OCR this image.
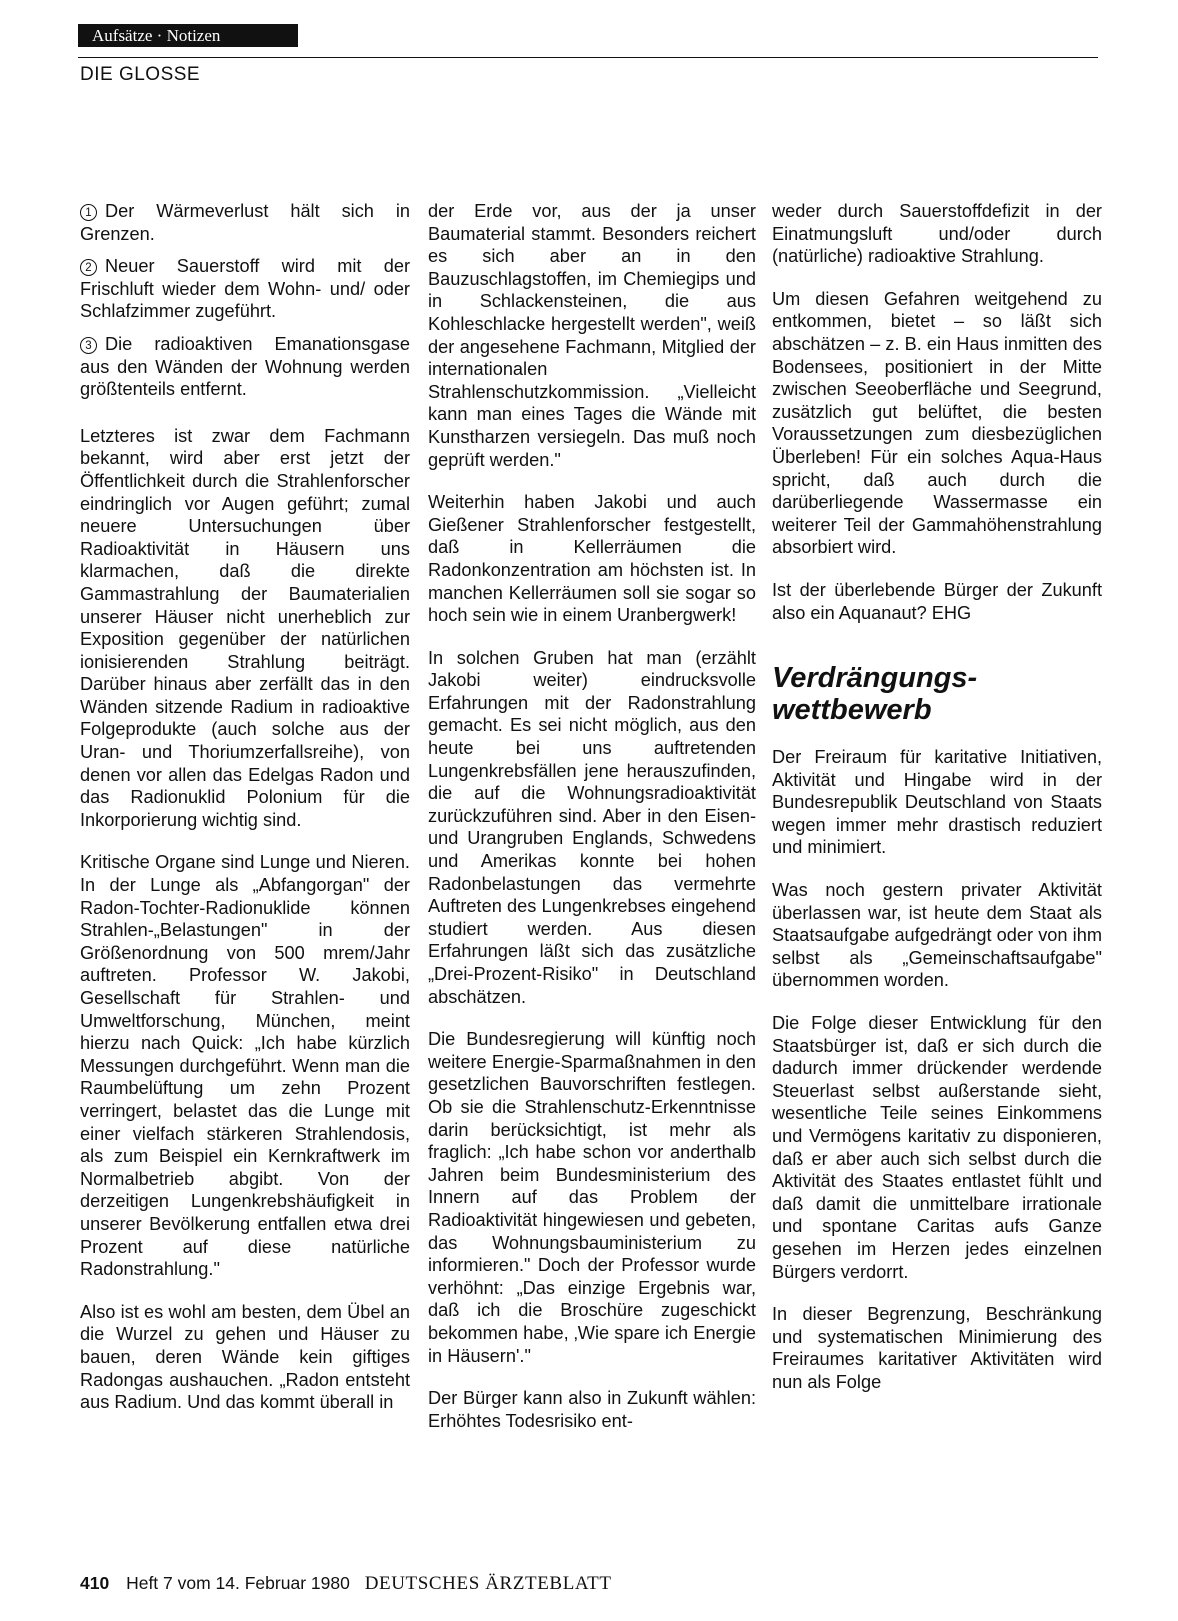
Aufsätze · Notizen
DIE GLOSSE

1 Der Wärmeverlust hält sich in Grenzen.

2 Neuer Sauerstoff wird mit der Frischluft wieder dem Wohn- und/ oder Schlafzimmer zugeführt.

3 Die radioaktiven Emanationsgase aus den Wänden der Wohnung werden größtenteils entfernt.

Letzteres ist zwar dem Fachmann bekannt, wird aber erst jetzt der Öffentlichkeit durch die Strahlenforscher eindringlich vor Augen geführt; zumal neuere Untersuchungen über Radioaktivität in Häusern uns klarmachen, daß die direkte Gammastrahlung der Baumaterialien unserer Häuser nicht unerheblich zur Exposition gegenüber der natürlichen ionisierenden Strahlung beiträgt. Darüber hinaus aber zerfällt das in den Wänden sitzende Radium in radioaktive Folgeprodukte (auch solche aus der Uran- und Thoriumzerfallsreihe), von denen vor allen das Edelgas Radon und das Radionuklid Polonium für die Inkorporierung wichtig sind.

Kritische Organe sind Lunge und Nieren. In der Lunge als „Abfangorgan" der Radon-Tochter-Radionuklide können Strahlen-„Belastungen" in der Größenordnung von 500 mrem/Jahr auftreten. Professor W. Jakobi, Gesellschaft für Strahlen- und Umweltforschung, München, meint hierzu nach Quick: „Ich habe kürzlich Messungen durchgeführt. Wenn man die Raumbelüftung um zehn Prozent verringert, belastet das die Lunge mit einer vielfach stärkeren Strahlendosis, als zum Beispiel ein Kernkraftwerk im Normalbetrieb abgibt. Von der derzeitigen Lungenkrebshäufigkeit in unserer Bevölkerung entfallen etwa drei Prozent auf diese natürliche Radonstrahlung."

Also ist es wohl am besten, dem Übel an die Wurzel zu gehen und Häuser zu bauen, deren Wände kein giftiges Radongas aushauchen. „Radon entsteht aus Radium. Und das kommt überall in

der Erde vor, aus der ja unser Baumaterial stammt. Besonders reichert es sich aber an in den Bauzuschlagstoffen, im Chemiegips und in Schlackensteinen, die aus Kohleschlacke hergestellt werden", weiß der angesehene Fachmann, Mitglied der internationalen Strahlenschutzkommission. „Vielleicht kann man eines Tages die Wände mit Kunstharzen versiegeln. Das muß noch geprüft werden."

Weiterhin haben Jakobi und auch Gießener Strahlenforscher festgestellt, daß in Kellerräumen die Radonkonzentration am höchsten ist. In manchen Kellerräumen soll sie sogar so hoch sein wie in einem Uranbergwerk!

In solchen Gruben hat man (erzählt Jakobi weiter) eindrucksvolle Erfahrungen mit der Radonstrahlung gemacht. Es sei nicht möglich, aus den heute bei uns auftretenden Lungenkrebsfällen jene herauszufinden, die auf die Wohnungsradioaktivität zurückzuführen sind. Aber in den Eisen- und Urangruben Englands, Schwedens und Amerikas konnte bei hohen Radonbelastungen das vermehrte Auftreten des Lungenkrebses eingehend studiert werden. Aus diesen Erfahrungen läßt sich das zusätzliche „Drei-Prozent-Risiko" in Deutschland abschätzen.

Die Bundesregierung will künftig noch weitere Energie-Sparmaßnahmen in den gesetzlichen Bauvorschriften festlegen. Ob sie die Strahlenschutz-Erkenntnisse darin berücksichtigt, ist mehr als fraglich: „Ich habe schon vor anderthalb Jahren beim Bundesministerium des Innern auf das Problem der Radioaktivität hingewiesen und gebeten, das Wohnungsbauministerium zu informieren." Doch der Professor wurde verhöhnt: „Das einzige Ergebnis war, daß ich die Broschüre zugeschickt bekommen habe, ‚Wie spare ich Energie in Häusern'."

Der Bürger kann also in Zukunft wählen: Erhöhtes Todesrisiko ent-

weder durch Sauerstoffdefizit in der Einatmungsluft und/oder durch (natürliche) radioaktive Strahlung.

Um diesen Gefahren weitgehend zu entkommen, bietet – so läßt sich abschätzen – z. B. ein Haus inmitten des Bodensees, positioniert in der Mitte zwischen Seeoberfläche und Seegrund, zusätzlich gut belüftet, die besten Voraussetzungen zum diesbezüglichen Überleben! Für ein solches Aqua-Haus spricht, daß auch durch die darüberliegende Wassermasse ein weiterer Teil der Gammahöhenstrahlung absorbiert wird.

Ist der überlebende Bürger der Zukunft also ein Aquanaut? EHG

Verdrängungs- wettbewerb

Der Freiraum für karitative Initiativen, Aktivität und Hingabe wird in der Bundesrepublik Deutschland von Staats wegen immer mehr drastisch reduziert und minimiert.

Was noch gestern privater Aktivität überlassen war, ist heute dem Staat als Staatsaufgabe aufgedrängt oder von ihm selbst als „Gemeinschaftsaufgabe" übernommen worden.

Die Folge dieser Entwicklung für den Staatsbürger ist, daß er sich durch die dadurch immer drückender werdende Steuerlast selbst außerstande sieht, wesentliche Teile seines Einkommens und Vermögens karitativ zu disponieren, daß er aber auch sich selbst durch die Aktivität des Staates entlastet fühlt und daß damit die unmittelbare irrationale und spontane Caritas aufs Ganze gesehen im Herzen jedes einzelnen Bürgers verdorrt.

In dieser Begrenzung, Beschränkung und systematischen Minimierung des Freiraumes karitativer Aktivitäten wird nun als Folge

410 Heft 7 vom 14. Februar 1980 DEUTSCHES ÄRZTEBLATT
